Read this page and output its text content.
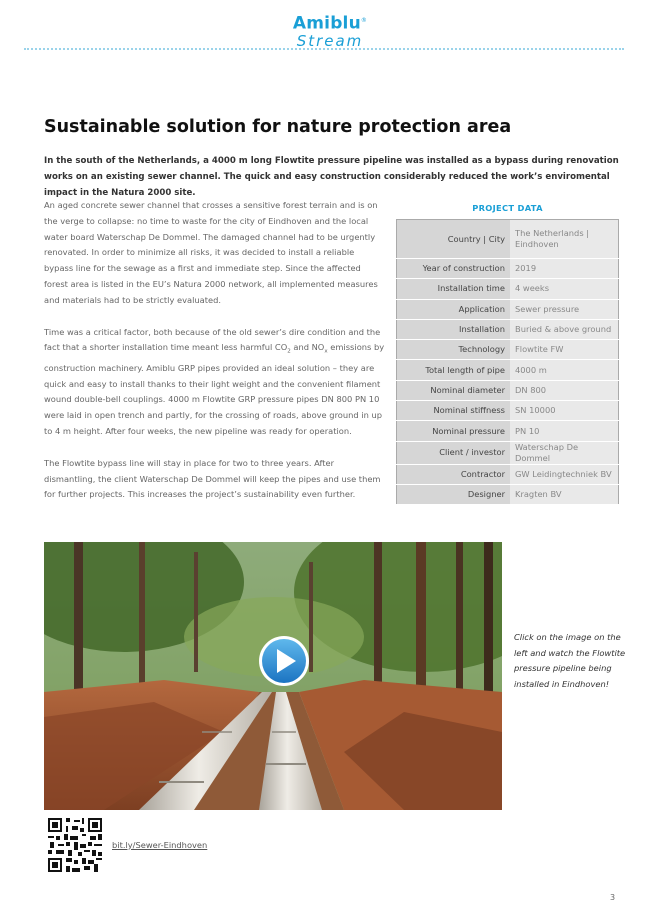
Amiblu®
Stream
Sustainable solution for nature protection area

In the south of the Netherlands, a 4000 m long Flowtite pressure pipeline was installed as a bypass during renovation works on an existing sewer channel. The quick and easy construction considerably reduced the work’s enviromental impact in the Natura 2000 site.

An aged concrete sewer channel that crosses a sensitive forest terrain and is on the verge to collapse: no time to waste for the city of Eindhoven and the local water board Waterschap De Dommel. The damaged channel had to be urgently renovated. In order to minimize all risks, it was decided to install a reliable bypass line for the sewage as a first and immediate step. Since the affected forest area is listed in the EU’s Natura 2000 network, all implemented measures and materials had to be strictly evaluated.

Time was a critical factor, both because of the old sewer’s dire condition and the fact that a shorter installation time meant less harmful $CO_2$ and $NO_x$ emissions by construction machinery. Amiblu GRP pipes provided an ideal solution – they are quick and easy to install thanks to their light weight and the convenient filament wound double-bell couplings. 4000 m Flowtite GRP pressure pipes DN 800 PN 10 were laid in open trench and partly, for the crossing of roads, above ground in up to 4 m height. After four weeks, the new pipeline was ready for operation.

The Flowtite bypass line will stay in place for two to three years. After dismantling, the client Waterschap De Dommel will keep the pipes and use them for further projects. This increases the project’s sustainability even further.

PROJECT DATA
Country | City	The Netherlands | Eindhoven
Year of construction	2019
Installation time	4 weeks
Application	Sewer pressure
Installation	Buried & above ground
Technology	Flowtite FW
Total length of pipe	4000 m
Nominal diameter	DN 800
Nominal stiffness	SN 10000
Nominal pressure	PN 10
Client / investor	Waterschap De Dommel
Contractor	GW Leidingtechniek BV
Designer	Kragten BV

Click on the image on the left and watch the Flowtite pressure pipeline being installed in Eindhoven!

bit.ly/Sewer-Eindhoven
3
